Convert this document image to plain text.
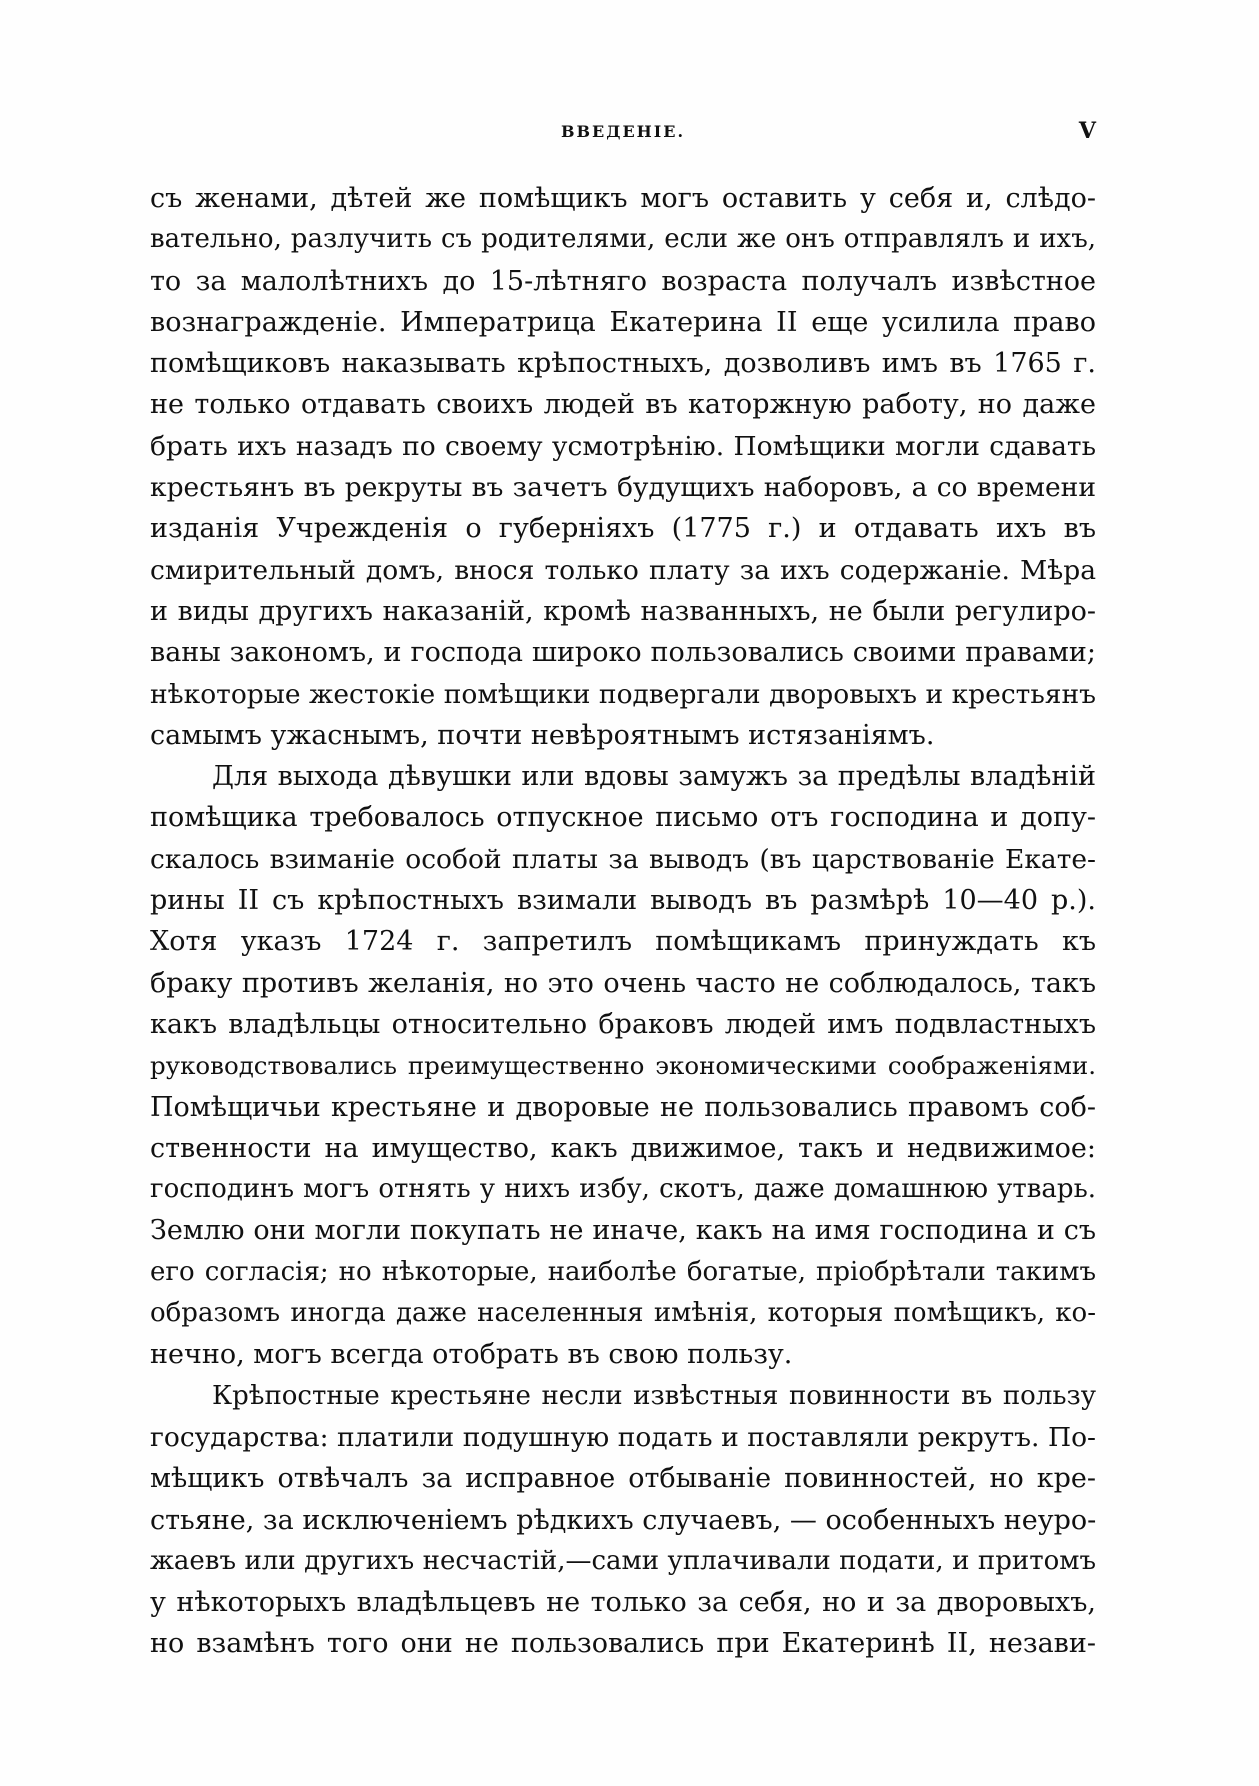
ВВЕДЕНІЕ.	V
съ женами, дѣтей же помѣщикъ могъ оставить у себя и, слѣдо-
вательно, разлучить съ родителями, если же онъ отправлялъ и ихъ,
то за малолѣтнихъ до 15-лѣтняго возраста получалъ извѣстное
вознагражденіе. Императрица Екатерина II еще усилила право
помѣщиковъ наказывать крѣпостныхъ, дозволивъ имъ въ 1765 г.
не только отдавать своихъ людей въ каторжную работу, но даже
брать ихъ назадъ по своему усмотрѣнію. Помѣщики могли сдавать
крестьянъ въ рекруты въ зачетъ будущихъ наборовъ, а со времени
изданія Учрежденія о губерніяхъ (1775 г.) и отдавать ихъ въ
смирительный домъ, внося только плату за ихъ содержаніе. Мѣра
и виды другихъ наказаній, кромѣ названныхъ, не были регулиро-
ваны закономъ, и господа широко пользовались своими правами;
нѣкоторые жестокіе помѣщики подвергали дворовыхъ и крестьянъ
самымъ ужаснымъ, почти невѣроятнымъ истязаніямъ.
Для выхода дѣвушки или вдовы замужъ за предѣлы владѣній
помѣщика требовалось отпускное письмо отъ господина и допу-
скалось взиманіе особой платы за выводъ (въ царствованіе Екате-
рины II съ крѣпостныхъ взимали выводъ въ размѣрѣ 10—40 р.).
Хотя указъ 1724 г. запретилъ помѣщикамъ принуждать къ
браку противъ желанія, но это очень часто не соблюдалось, такъ
какъ владѣльцы относительно браковъ людей имъ подвластныхъ
руководствовались преимущественно экономическими соображеніями.
Помѣщичьи крестьяне и дворовые не пользовались правомъ соб-
ственности на имущество, какъ движимое, такъ и недвижимое:
господинъ могъ отнять у нихъ избу, скотъ, даже домашнюю утварь.
Землю они могли покупать не иначе, какъ на имя господина и съ
его согласія; но нѣкоторые, наиболѣе богатые, пріобрѣтали такимъ
образомъ иногда даже населенныя имѣнія, которыя помѣщикъ, ко-
нечно, могъ всегда отобрать въ свою пользу.
Крѣпостные крестьяне несли извѣстныя повинности въ пользу
государства: платили подушную подать и поставляли рекрутъ. По-
мѣщикъ отвѣчалъ за исправное отбываніе повинностей, но кре-
стьяне, за исключеніемъ рѣдкихъ случаевъ, — особенныхъ неуро-
жаевъ или другихъ несчастій,—сами уплачивали подати, и притомъ
у нѣкоторыхъ владѣльцевъ не только за себя, но и за дворовыхъ,
но взамѣнъ того они не пользовались при Екатеринѣ II, незави-
